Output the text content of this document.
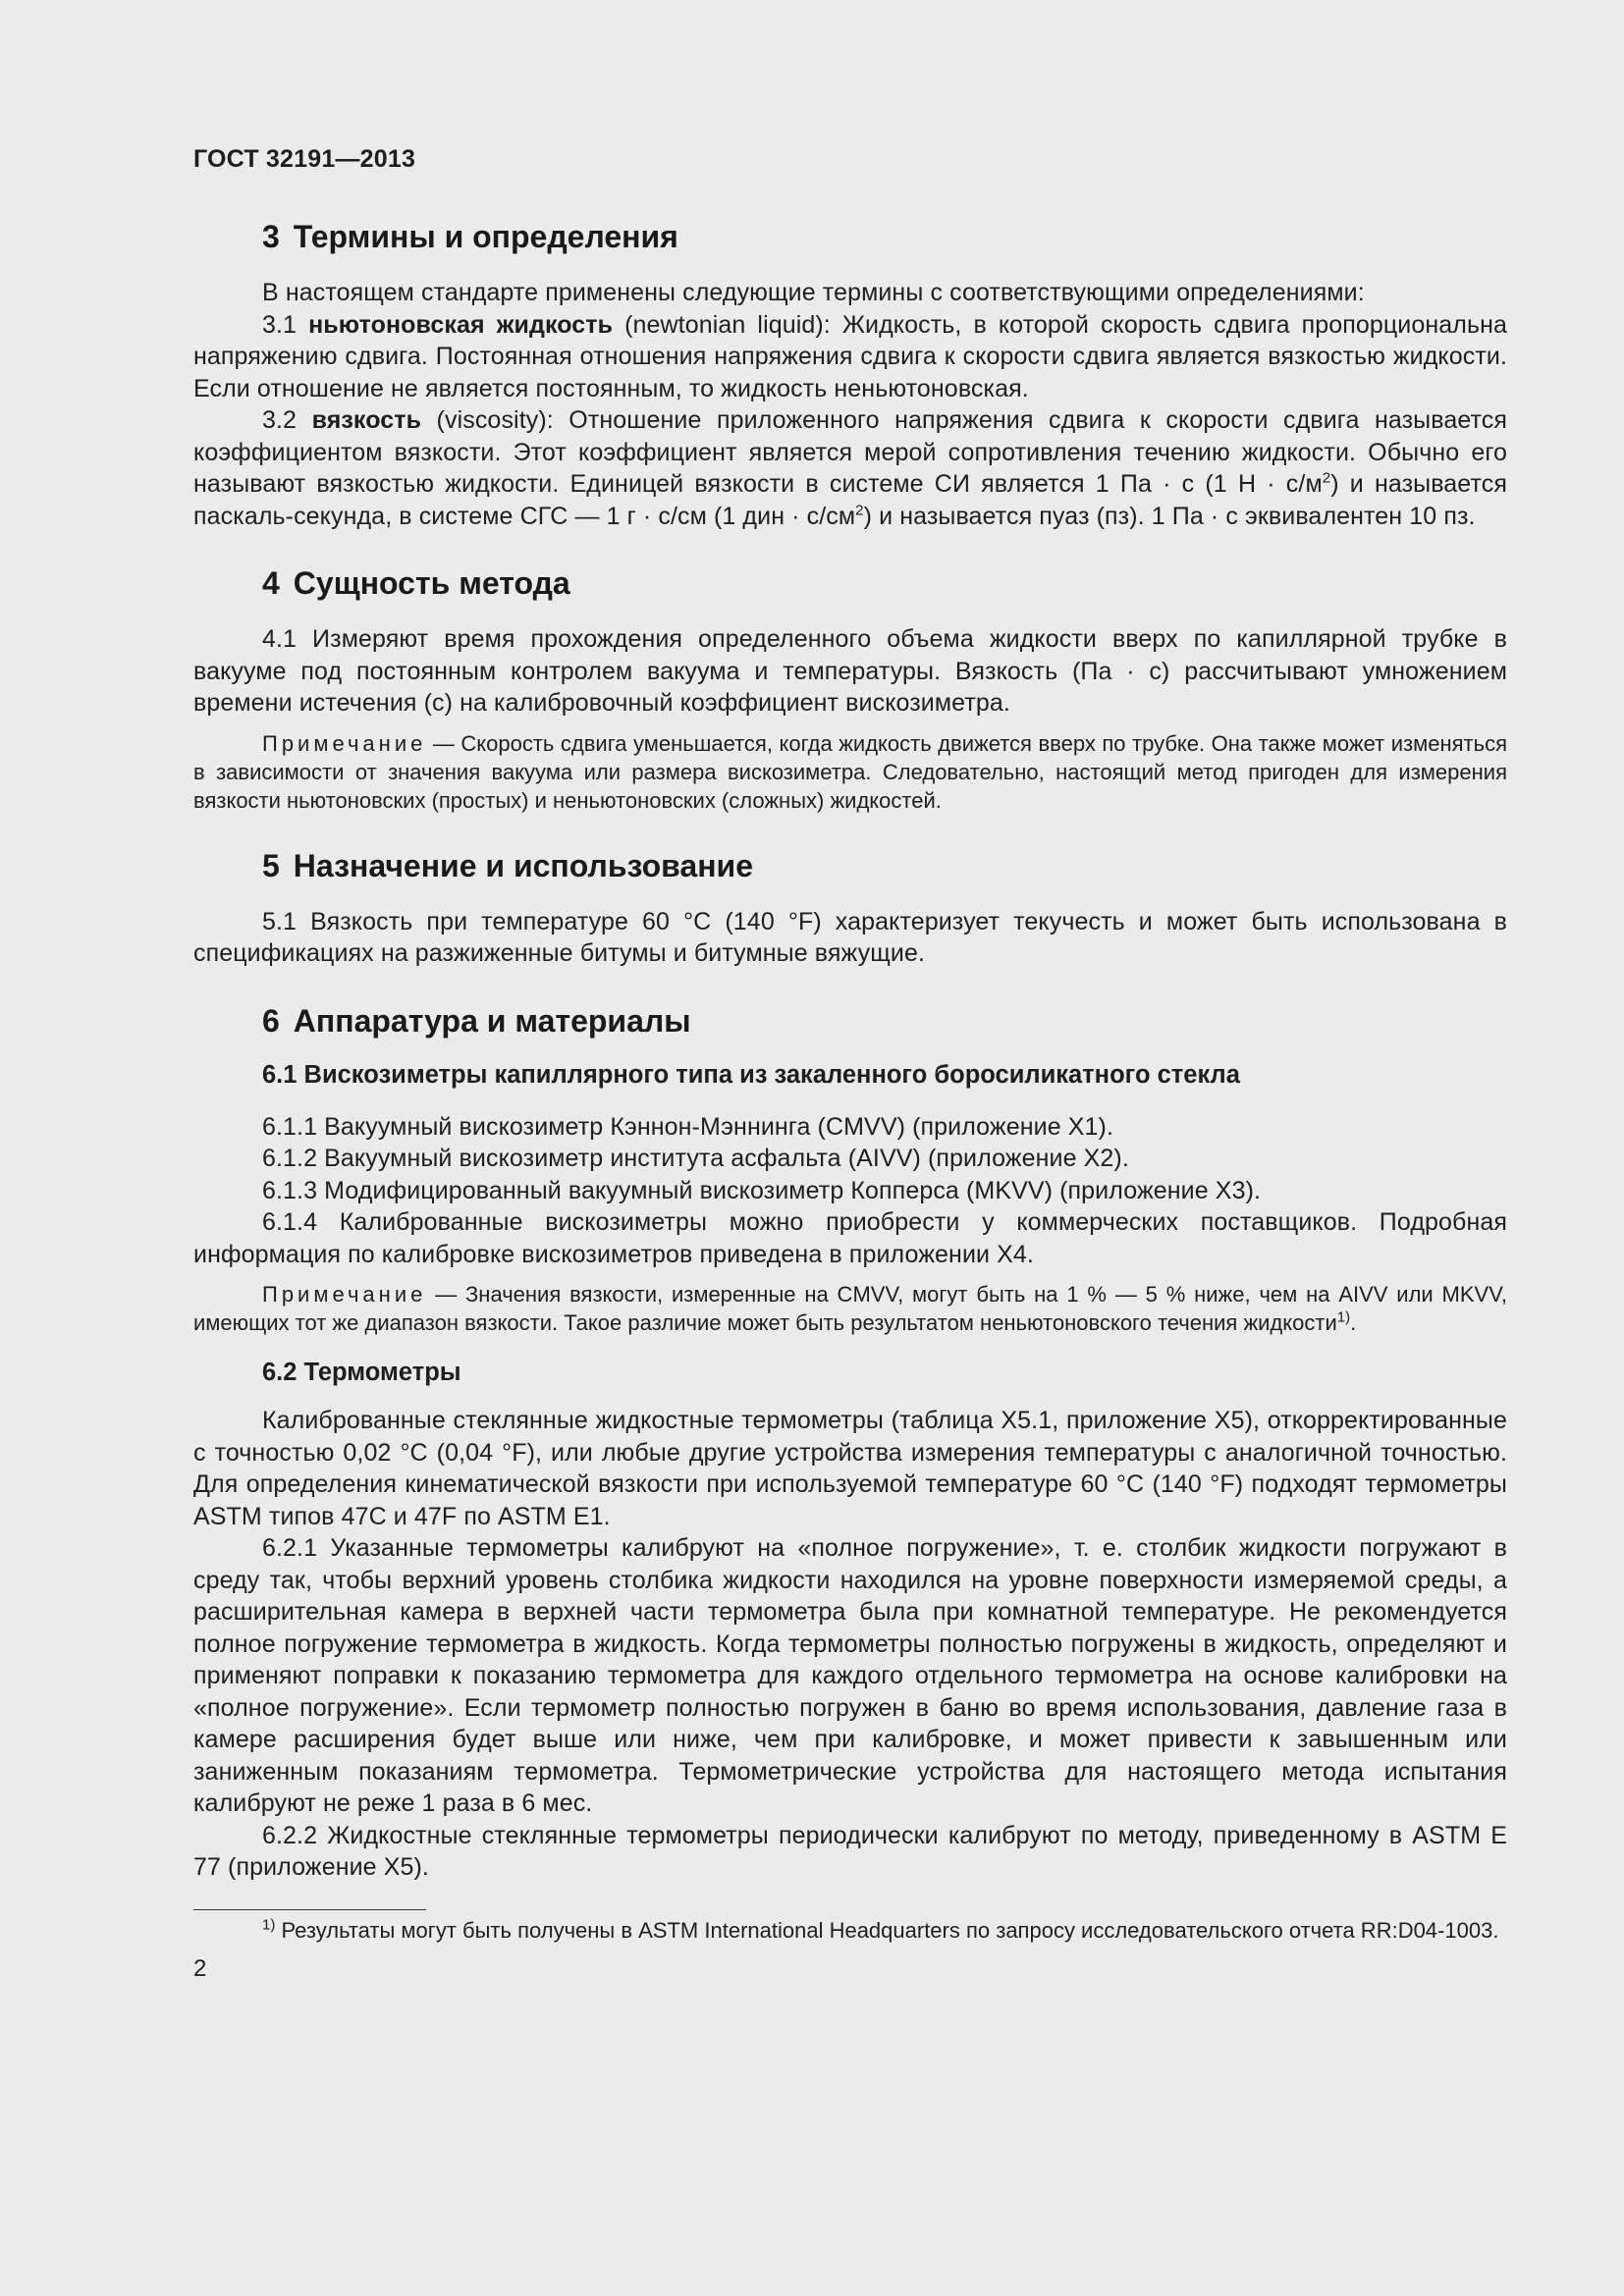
ГОСТ 32191—2013
3 Термины и определения

В настоящем стандарте применены следующие термины с соответствующими определениями:

3.1 ньютоновская жидкость (newtonian liquid): Жидкость, в которой скорость сдвига пропорциональна напряжению сдвига. Постоянная отношения напряжения сдвига к скорости сдвига является вязкостью жидкости. Если отношение не является постоянным, то жидкость неньютоновская.

3.2 вязкость (viscosity): Отношение приложенного напряжения сдвига к скорости сдвига называется коэффициентом вязкости. Этот коэффициент является мерой сопротивления течению жидкости. Обычно его называют вязкостью жидкости. Единицей вязкости в системе СИ является 1 Па · с (1 $Н \cdot с/м^2$) и называется паскаль-секунда, в системе СГС — 1 г · с/см (1 дин · $с/см^2$) и называется пуаз (пз). 1 Па · с эквивалентен 10 пз.

4 Сущность метода

4.1 Измеряют время прохождения определенного объема жидкости вверх по капиллярной трубке в вакууме под постоянным контролем вакуума и температуры. Вязкость (Па · с) рассчитывают умножением времени истечения (с) на калибровочный коэффициент вискозиметра.

Примечание — Скорость сдвига уменьшается, когда жидкость движется вверх по трубке. Она также может изменяться в зависимости от значения вакуума или размера вискозиметра. Следовательно, настоящий метод пригоден для измерения вязкости ньютоновских (простых) и неньютоновских (сложных) жидкостей.

5 Назначение и использование

5.1 Вязкость при температуре 60 °С (140 °F) характеризует текучесть и может быть использована в спецификациях на разжиженные битумы и битумные вяжущие.

6 Аппаратура и материалы
6.1 Вискозиметры капиллярного типа из закаленного боросиликатного стекла

6.1.1 Вакуумный вискозиметр Кэннон-Мэннинга (CMVV) (приложение Х1).

6.1.2 Вакуумный вискозиметр института асфальта (AIVV) (приложение Х2).

6.1.3 Модифицированный вакуумный вискозиметр Копперса (MKVV) (приложение Х3).

6.1.4 Калиброванные вискозиметры можно приобрести у коммерческих поставщиков. Подробная информация по калибровке вискозиметров приведена в приложении Х4.

Примечание — Значения вязкости, измеренные на CMVV, могут быть на 1 % — 5 % ниже, чем на AIVV или MKVV, имеющих тот же диапазон вязкости. Такое различие может быть результатом неньютоновского течения жидкости$^{1)}$.

6.2 Термометры

Калиброванные стеклянные жидкостные термометры (таблица Х5.1, приложение Х5), откорректированные с точностью 0,02 °С (0,04 °F), или любые другие устройства измерения температуры с аналогичной точностью. Для определения кинематической вязкости при используемой температуре 60 °С (140 °F) подходят термометры ASTM типов 47C и 47F по ASTM E1.

6.2.1 Указанные термометры калибруют на «полное погружение», т. е. столбик жидкости погружают в среду так, чтобы верхний уровень столбика жидкости находился на уровне поверхности измеряемой среды, а расширительная камера в верхней части термометра была при комнатной температуре. Не рекомендуется полное погружение термометра в жидкость. Когда термометры полностью погружены в жидкость, определяют и применяют поправки к показанию термометра для каждого отдельного термометра на основе калибровки на «полное погружение». Если термометр полностью погружен в баню во время использования, давление газа в камере расширения будет выше или ниже, чем при калибровке, и может привести к завышенным или заниженным показаниям термометра. Термометрические устройства для настоящего метода испытания калибруют не реже 1 раза в 6 мес.

6.2.2 Жидкостные стеклянные термометры периодически калибруют по методу, приведенному в ASTM E 77 (приложение Х5).

$^{1)}$ Результаты могут быть получены в ASTM International Headquarters по запросу исследовательского отчета RR:D04-1003.

2
